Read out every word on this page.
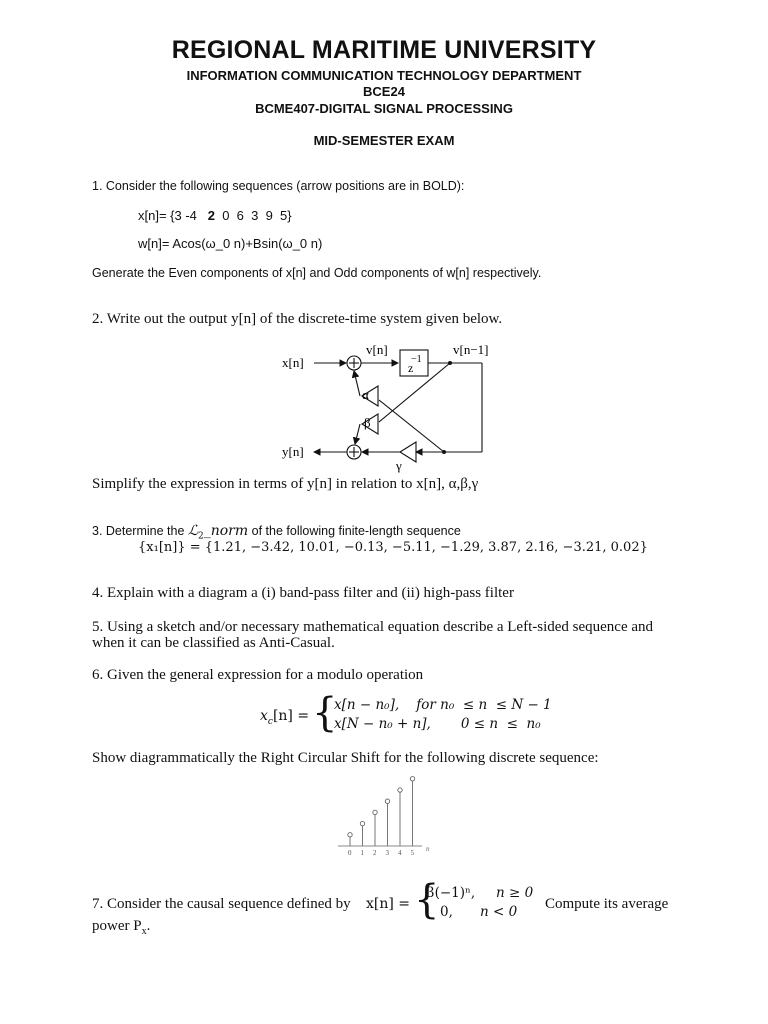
REGIONAL MARITIME UNIVERSITY
INFORMATION COMMUNICATION TECHNOLOGY DEPARTMENT
BCE24
BCME407-DIGITAL SIGNAL PROCESSING
MID-SEMESTER EXAM
1. Consider the following sequences (arrow positions are in BOLD):
x[n]= {3 -4 2 0  6  3  9  5}
w[n]= Acos(ω_0 n)+Bsin(ω_0 n)
Generate the Even components of x[n] and Odd components of w[n] respectively.
2. Write out the output y[n] of the discrete-time system given below.
x[n]
v[n]
−1
z
v[n−1]
α
β
γ
y[n]
Simplify the expression in terms of y[n] in relation to x[n], α,β,γ
3. Determine the ℒ$_2$_norm of the following finite-length sequence
{x₁[n]} = {1.21, −3.42, 10.01, −0.13, −5.11, −1.29, 3.87, 2.16, −3.21, 0.02}
4. Explain with a diagram a (i) band-pass filter and (ii) high-pass filter
5. Using a sketch and/or necessary mathematical equation describe a Left-sided sequence and
when it can be classified as Anti-Casual.
6. Given the general expression for a modulo operation
$x_c[n]$ = {
x[n − n₀],    for n₀  ≤ n  ≤ N − 1
x[N − n₀ + n],       0 ≤ n  ≤  n₀
Show diagrammatically the Right Circular Shift for the following discrete sequence:
0 1 2 3 4 5 n
7. Consider the causal sequence defined by x[n] = {
3(−1)ⁿ, n ≥ 0
0, n < 0 Compute its average
power $P_x$.
